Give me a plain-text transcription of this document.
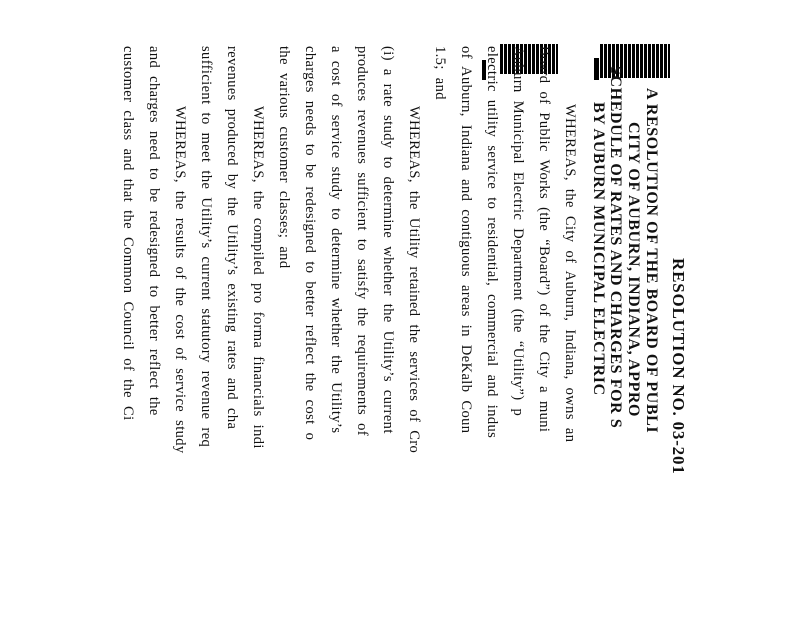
RESOLUTION NO. 03-201
A RESOLUTION OF THE BOARD OF PUBLI
CITY OF AUBURN, INDIANA, APPRO
SCHEDULE OF RATES AND CHARGES FOR S
BY AUBURN MUNICIPAL ELECTRIC
WHEREAS, the City of Auburn, Indiana, owns an
Board of Public Works (the “Board”) of the City a muni
Auburn Municipal Electric Department (the “Utility”) p
electric utility service to residential, commercial and indus
of Auburn, Indiana and contiguous areas in DeKalb Coun
1.5; and
WHEREAS, the Utility retained the services of Cro
(i) a rate study to determine whether the Utility’s current
produces revenues sufficient to satisfy the requirements of
a cost of service study to determine whether the Utility’s
charges needs to be redesigned to better reflect the cost o
the various customer classes; and
WHEREAS, the compiled pro forma financials indi
revenues produced by the Utility’s existing rates and cha
sufficient to meet the Utility’s current statutory revenue req
WHEREAS, the results of the cost of service study
and charges need to be redesigned to better reflect the
customer class and that the Common Council of the Ci
